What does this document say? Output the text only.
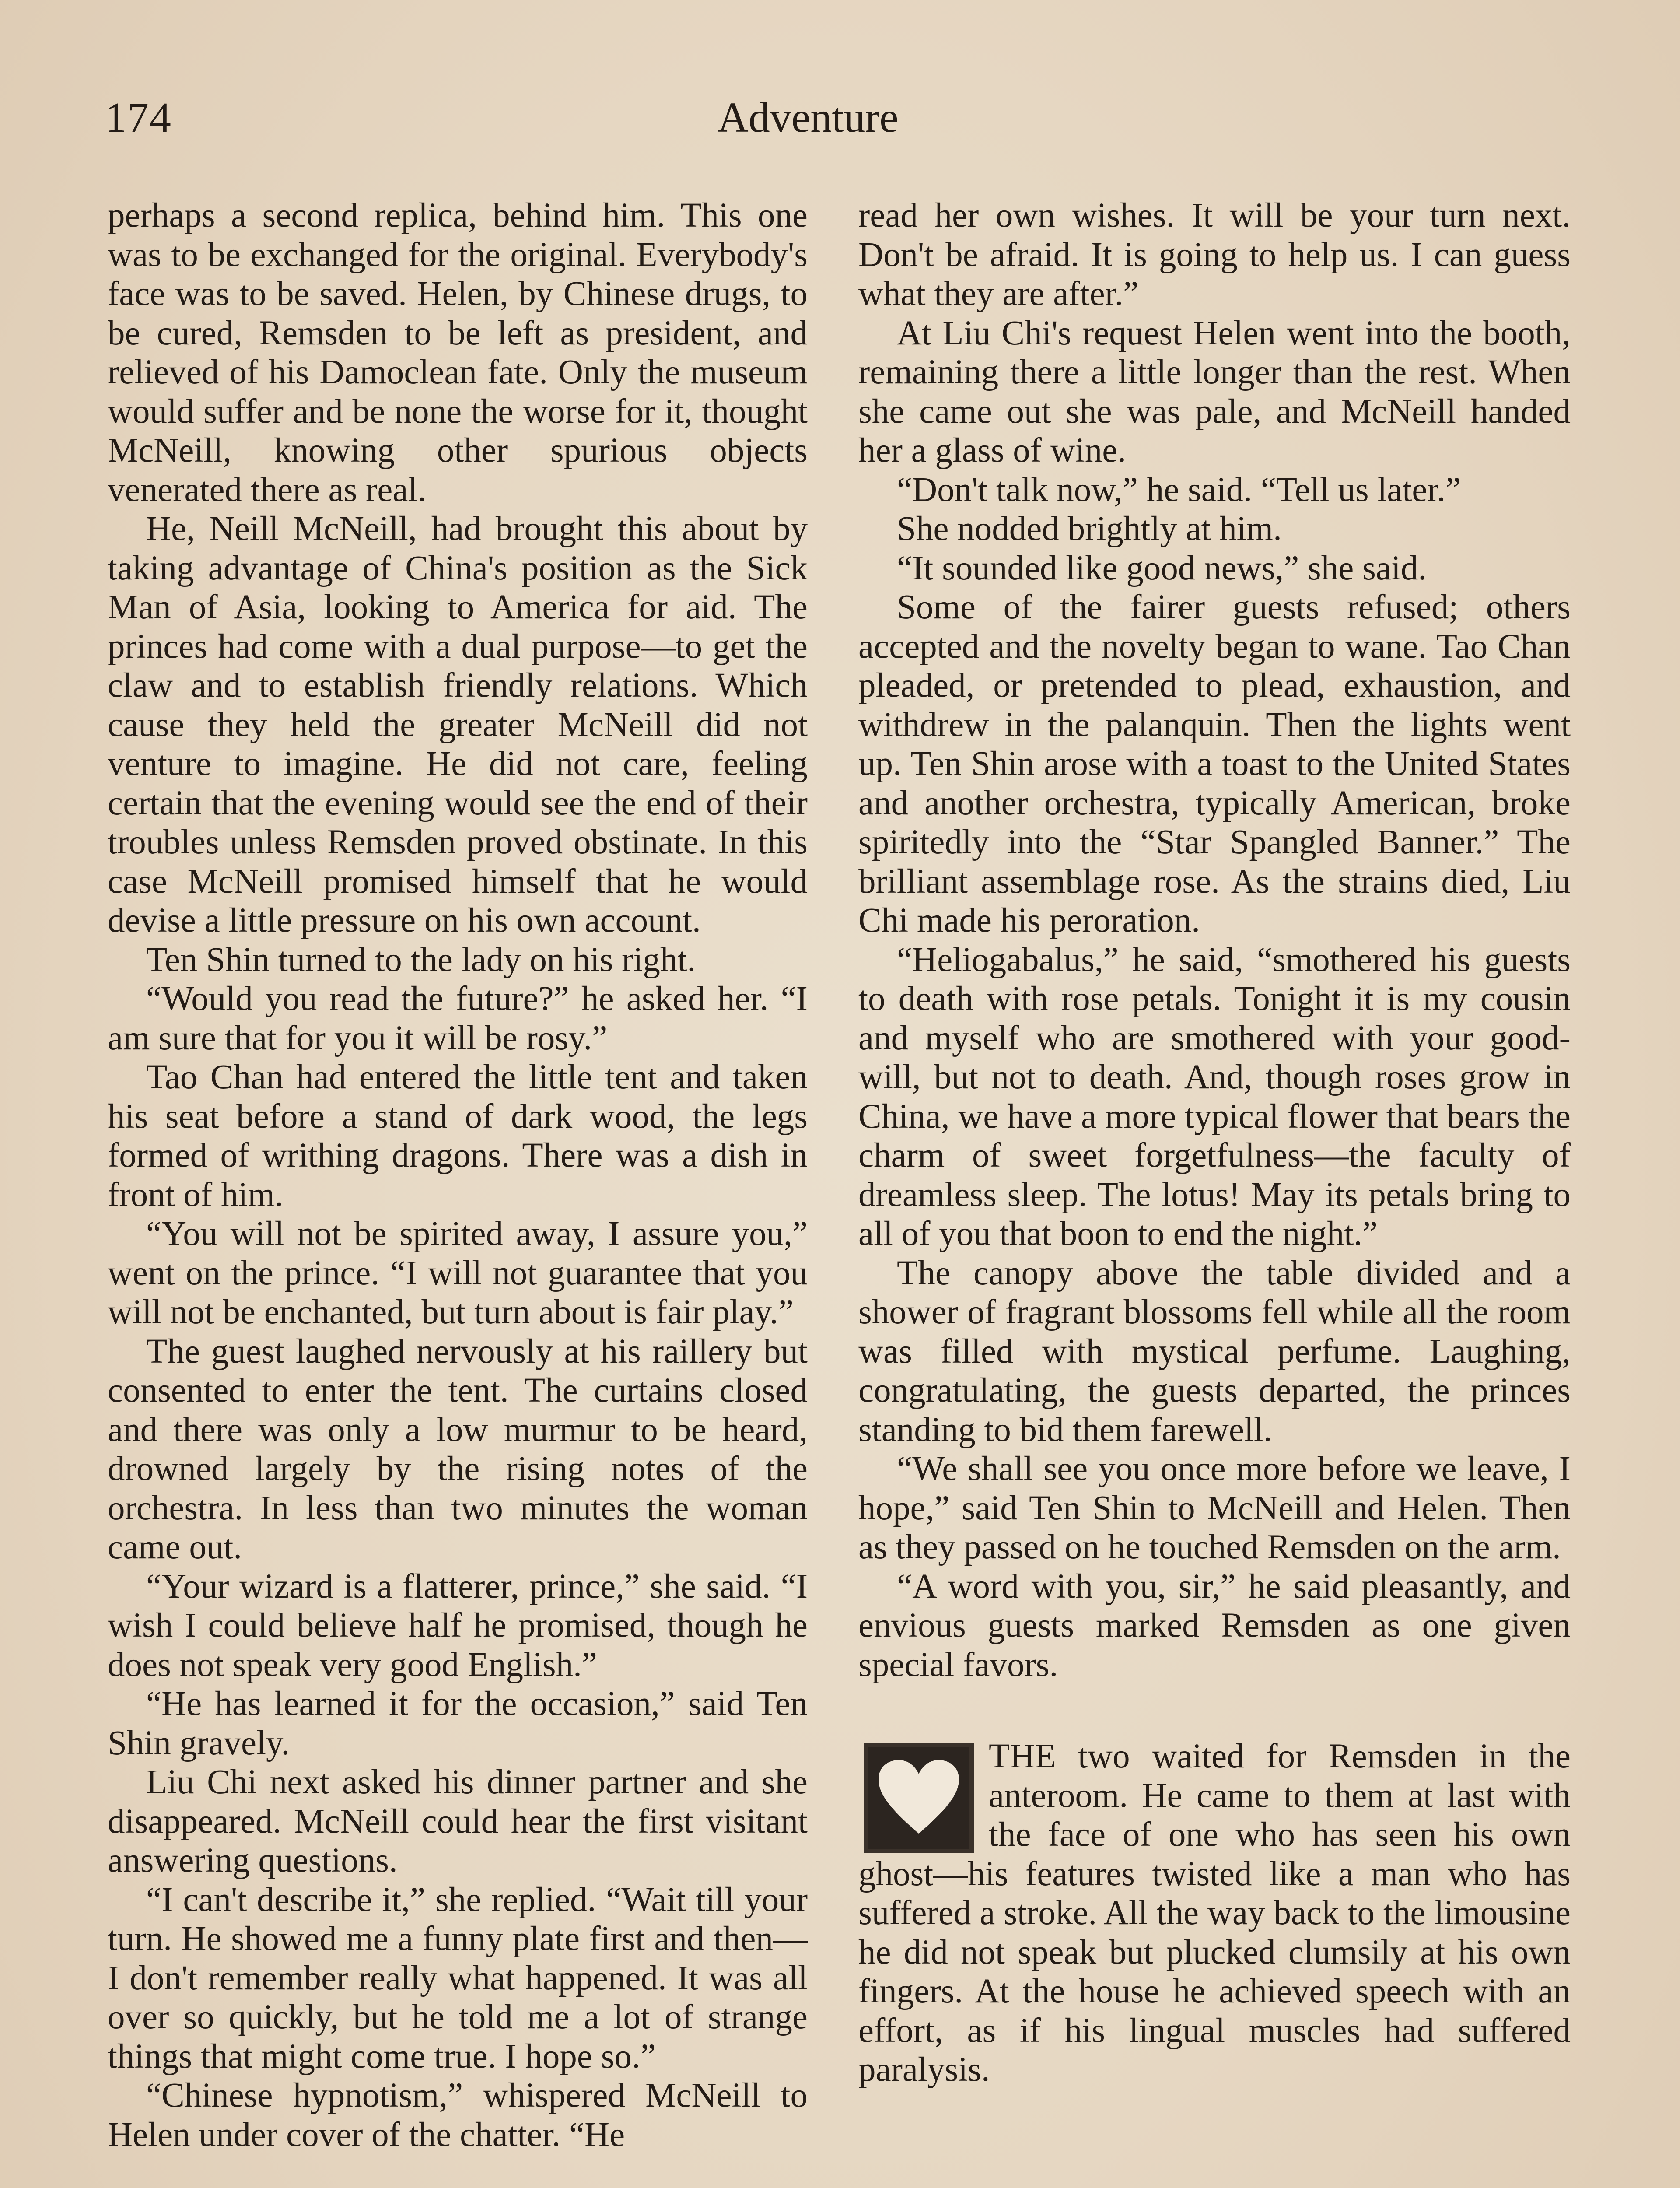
174	Adventure

perhaps a second replica, behind him. This one was to be exchanged for the original. Everybody's face was to be saved. Helen, by Chinese drugs, to be cured, Remsden to be left as president, and relieved of his Damoclean fate. Only the museum would suffer and be none the worse for it, thought McNeill, knowing other spurious objects venerated there as real.

He, Neill McNeill, had brought this about by taking advantage of China's position as the Sick Man of Asia, looking to America for aid. The princes had come with a dual purpose—to get the claw and to establish friendly relations. Which cause they held the greater McNeill did not venture to imagine. He did not care, feeling certain that the evening would see the end of their troubles unless Remsden proved obstinate. In this case McNeill promised himself that he would devise a little pressure on his own account.

Ten Shin turned to the lady on his right.

“Would you read the future?” he asked her. “I am sure that for you it will be rosy.”

Tao Chan had entered the little tent and taken his seat before a stand of dark wood, the legs formed of writhing dragons. There was a dish in front of him.

“You will not be spirited away, I assure you,” went on the prince. “I will not guarantee that you will not be enchanted, but turn about is fair play.”

The guest laughed nervously at his raillery but consented to enter the tent. The curtains closed and there was only a low murmur to be heard, drowned largely by the rising notes of the orchestra. In less than two minutes the woman came out.

“Your wizard is a flatterer, prince,” she said. “I wish I could believe half he promised, though he does not speak very good English.”

“He has learned it for the occasion,” said Ten Shin gravely.

Liu Chi next asked his dinner partner and she disappeared. McNeill could hear the first visitant answering questions.

“I can't describe it,” she replied. “Wait till your turn. He showed me a funny plate first and then—I don't remember really what happened. It was all over so quickly, but he told me a lot of strange things that might come true. I hope so.”

“Chinese hypnotism,” whispered McNeill to Helen under cover of the chatter. “He

read her own wishes. It will be your turn next. Don't be afraid. It is going to help us. I can guess what they are after.”

At Liu Chi's request Helen went into the booth, remaining there a little longer than the rest. When she came out she was pale, and McNeill handed her a glass of wine.

“Don't talk now,” he said. “Tell us later.”

She nodded brightly at him.

“It sounded like good news,” she said.

Some of the fairer guests refused; others accepted and the novelty began to wane. Tao Chan pleaded, or pretended to plead, exhaustion, and withdrew in the palanquin. Then the lights went up. Ten Shin arose with a toast to the United States and another orchestra, typically American, broke spiritedly into the “Star Spangled Banner.” The brilliant assemblage rose. As the strains died, Liu Chi made his peroration.

“Heliogabalus,” he said, “smothered his guests to death with rose petals. Tonight it is my cousin and myself who are smothered with your good-will, but not to death. And, though roses grow in China, we have a more typical flower that bears the charm of sweet forgetfulness—the faculty of dreamless sleep. The lotus! May its petals bring to all of you that boon to end the night.”

The canopy above the table divided and a shower of fragrant blossoms fell while all the room was filled with mystical perfume. Laughing, congratulating, the guests departed, the princes standing to bid them farewell.

“We shall see you once more before we leave, I hope,” said Ten Shin to McNeill and Helen. Then as they passed on he touched Remsden on the arm.

“A word with you, sir,” he said pleasantly, and envious guests marked Remsden as one given special favors.

THE two waited for Remsden in the anteroom. He came to them at last with the face of one who has seen his own ghost—his features twisted like a man who has suffered a stroke. All the way back to the limousine he did not speak but plucked clumsily at his own fingers. At the house he achieved speech with an effort, as if his lingual muscles had suffered paralysis.
